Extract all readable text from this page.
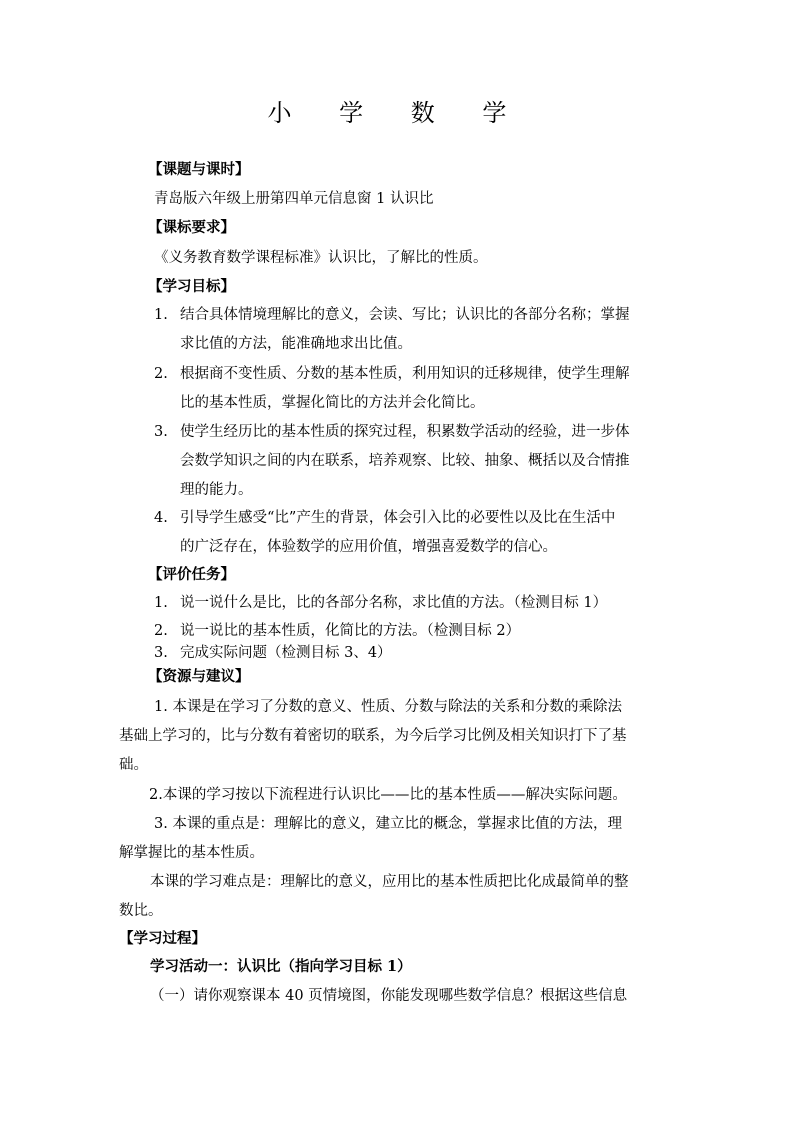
小 学 数 学
【课题与课时】
青岛版六年级上册第四单元信息窗 1 认识比
【课标要求】
《义务教育数学课程标准》认识比，了解比的性质。
【学习目标】
1. 结合具体情境理解比的意义，会读、写比；认识比的各部分名称；掌握
求比值的方法，能准确地求出比值。
2. 根据商不变性质、分数的基本性质，利用知识的迁移规律，使学生理解
比的基本性质，掌握化简比的方法并会化简比。
3. 使学生经历比的基本性质的探究过程，积累数学活动的经验，进一步体
会数学知识之间的内在联系，培养观察、比较、抽象、概括以及合情推
理的能力。
4. 引导学生感受“比”产生的背景，体会引入比的必要性以及比在生活中
的广泛存在，体验数学的应用价值，增强喜爱数学的信心。
【评价任务】
1. 说一说什么是比，比的各部分名称，求比值的方法。（检测目标 1）
2. 说一说比的基本性质，化简比的方法。（检测目标 2）
3. 完成实际问题（检测目标 3、4）
【资源与建议】
1. 本课是在学习了分数的意义、性质、分数与除法的关系和分数的乘除法
基础上学习的，比与分数有着密切的联系，为今后学习比例及相关知识打下了基
础。
2.本课的学习按以下流程进行认识比——比的基本性质——解决实际问题。
3. 本课的重点是：理解比的意义，建立比的概念，掌握求比值的方法，理
解掌握比的基本性质。
本课的学习难点是：理解比的意义，应用比的基本性质把比化成最简单的整
数比。
【学习过程】
学习活动一：认识比（指向学习目标 1）
（一）请你观察课本 40 页情境图，你能发现哪些数学信息？根据这些信息
